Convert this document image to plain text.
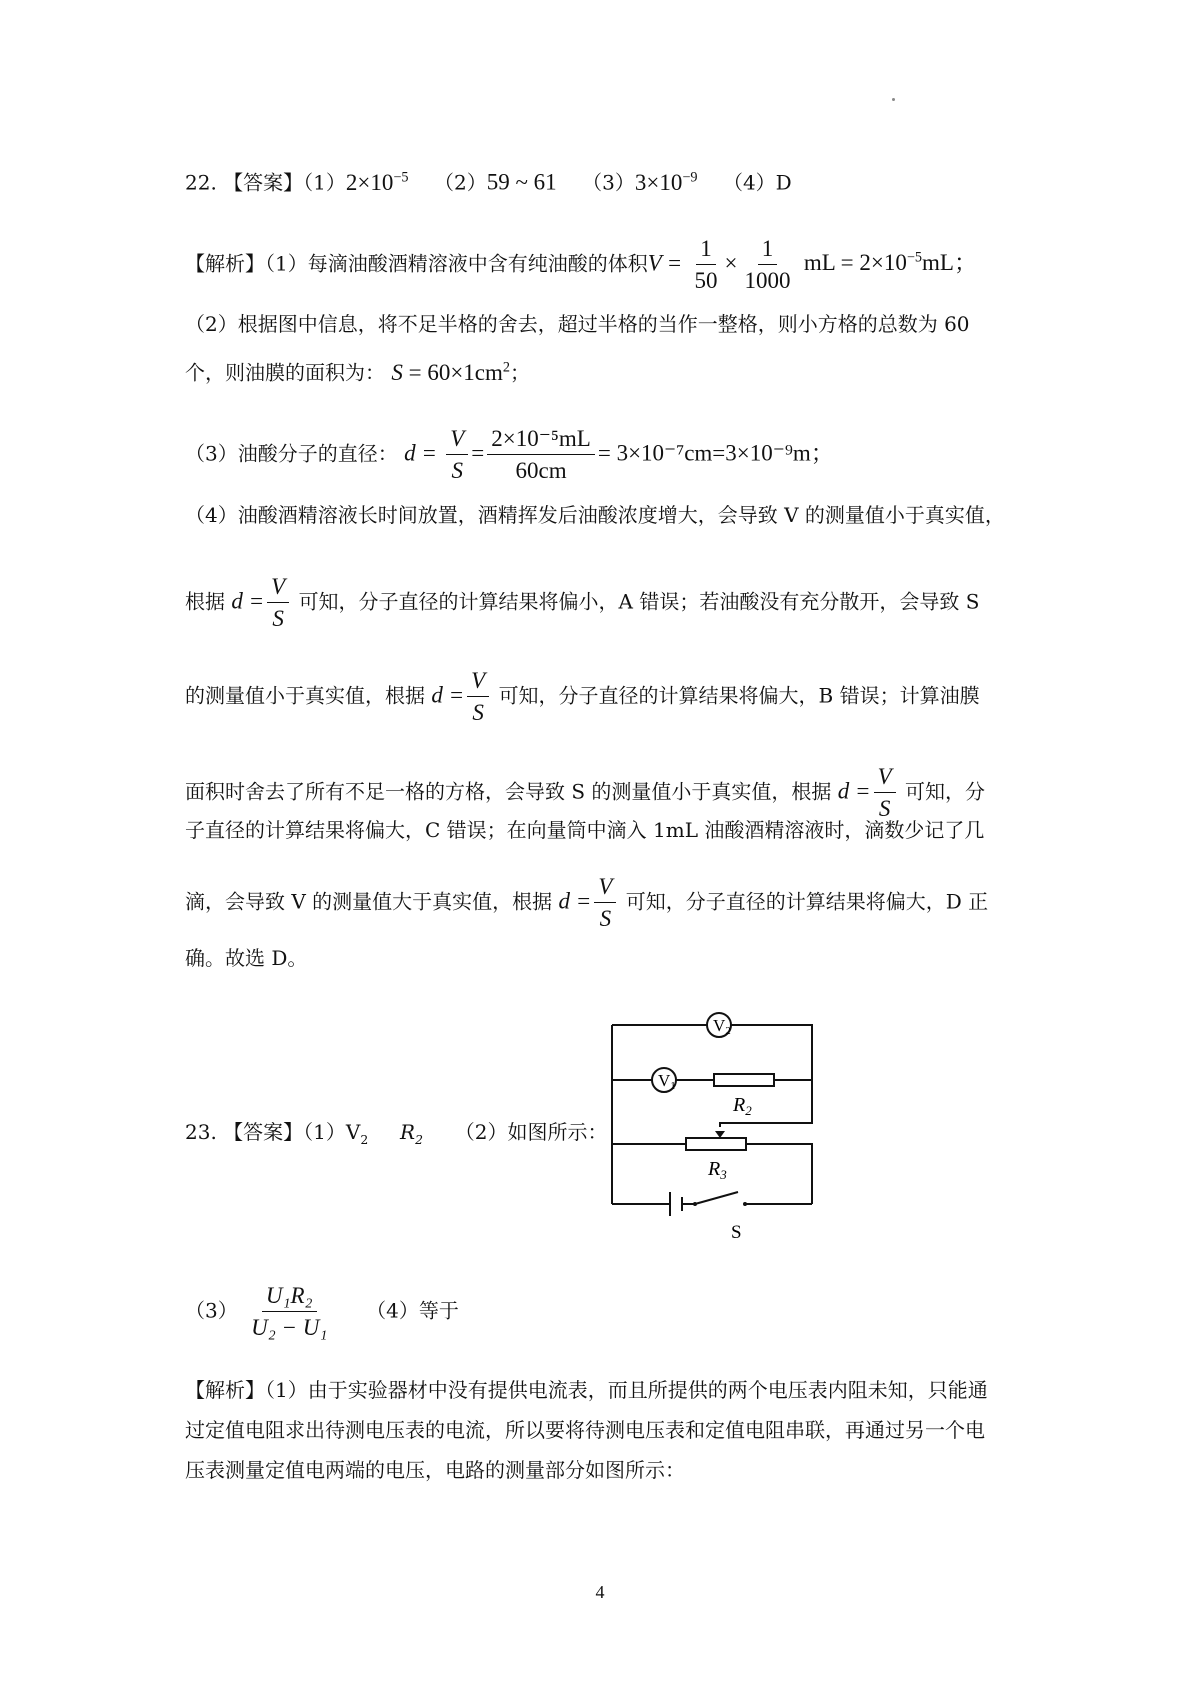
22. 【答案】$(1)2\times 10^{-5}$ （2）59 ~ 61 $(3)3\times 10^{-9}$ （4）D
【解析】（1）每滴油酸酒精溶液中含有纯油酸的体积$V = \frac{1}{50} \times \frac{1}{1000}$ mL = $2\times 10^{-5}mL$；
（2）根据图中信息，将不足半格的舍去，超过半格的当作一整格，则小方格的总数为 60
个，则油膜的面积为： $S = 60\times 1cm^2$；
（3）油酸分子的直径： $d = \frac{V}{S} = \frac{\text{2×10⁻⁵mL}}{60cm} = 3\times 10^{-7}cm=3\times 10^{-9}m$；
（4）油酸酒精溶液长时间放置，酒精挥发后油酸浓度增大，会导致 V 的测量值小于真实值，
根据 $d = \frac{V}{S}$ 可知，分子直径的计算结果将偏小，A 错误；若油酸没有充分散开，会导致 S
的测量值小于真实值，根据 $d = \frac{V}{S}$ 可知，分子直径的计算结果将偏大，B 错误；计算油膜
面积时舍去了所有不足一格的方格，会导致 S 的测量值小于真实值，根据 $d = \frac{V}{S}$ 可知，分
子直径的计算结果将偏大，C 错误；在向量筒中滴入 1mL 油酸酒精溶液时，滴数少记了几
滴，会导致 V 的测量值大于真实值，根据 $d = \frac{V}{S}$ 可知，分子直径的计算结果将偏大，D 正
确。故选 D。
V2
V1
$R_2$
$R_3$
S
23. 【答案】$(1)V_2$ $R_2$ （2）如图所示：
$(3) \frac{\text{U₁R₂}}{\text{U₂ − U₁}} (4)$等于
【解析】（1）由于实验器材中没有提供电流表，而且所提供的两个电压表内阻未知，只能通
过定值电阻求出待测电压表的电流，所以要将待测电压表和定值电阻串联，再通过另一个电
压表测量定值电两端的电压，电路的测量部分如图所示：
4
